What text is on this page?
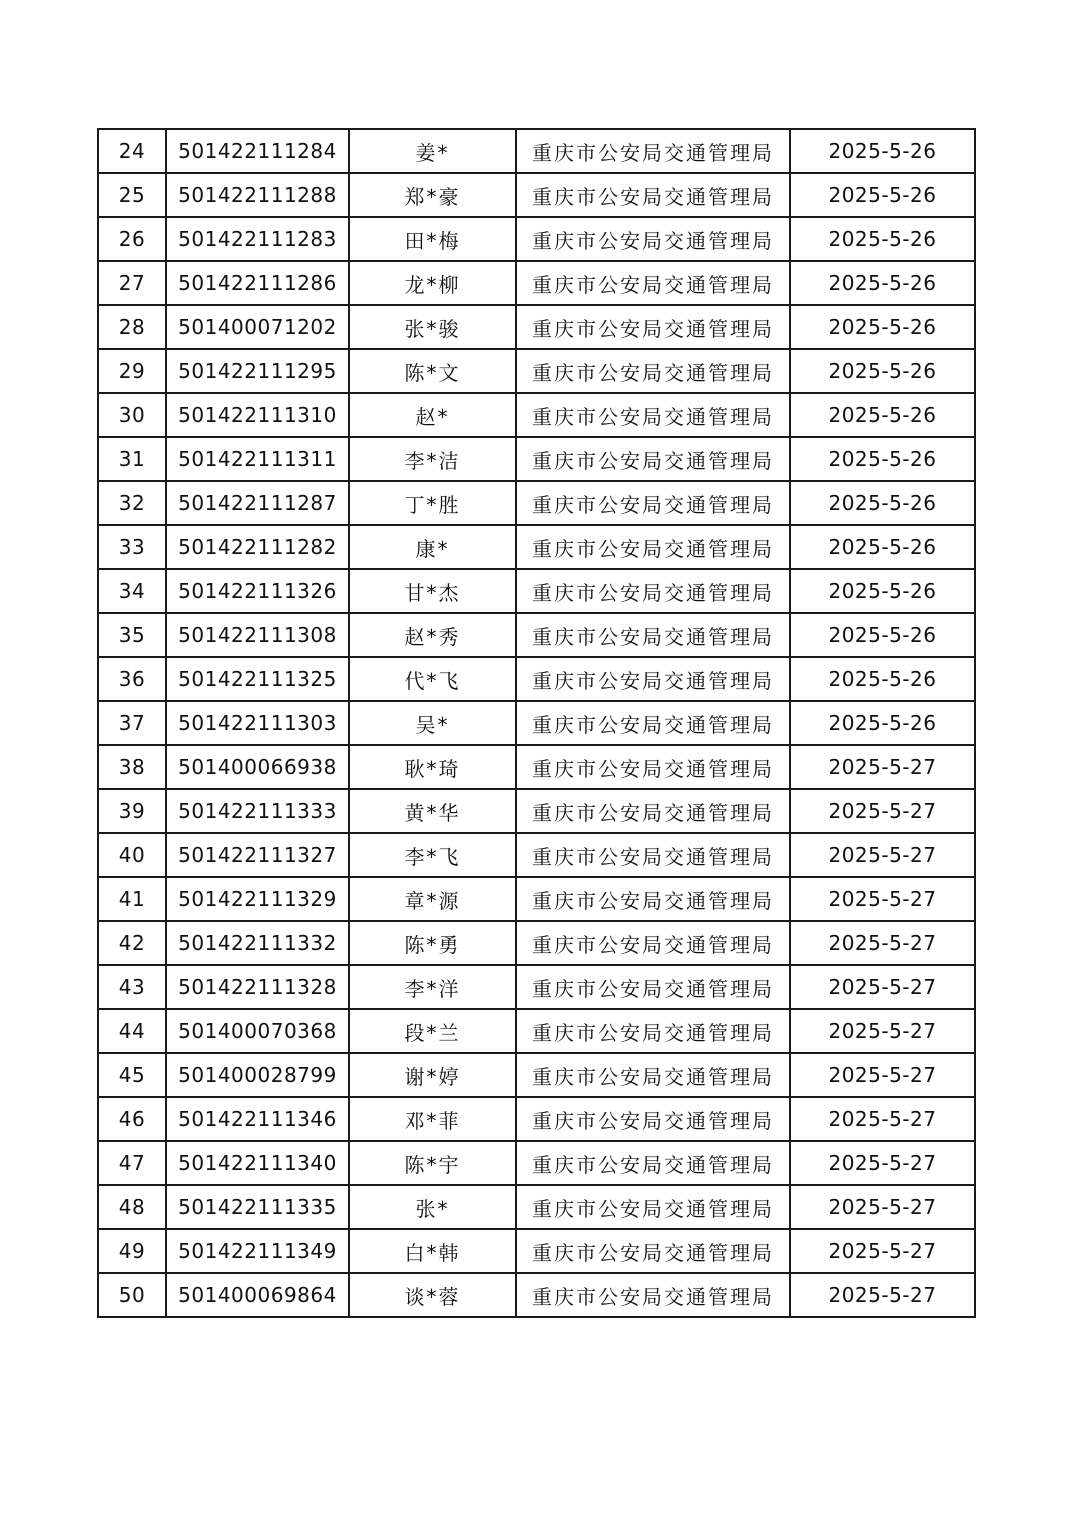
24	501422111284	姜*	重庆市公安局交通管理局	2025-5-26
25	501422111288	郑*豪	重庆市公安局交通管理局	2025-5-26
26	501422111283	田*梅	重庆市公安局交通管理局	2025-5-26
27	501422111286	龙*柳	重庆市公安局交通管理局	2025-5-26
28	501400071202	张*骏	重庆市公安局交通管理局	2025-5-26
29	501422111295	陈*文	重庆市公安局交通管理局	2025-5-26
30	501422111310	赵*	重庆市公安局交通管理局	2025-5-26
31	501422111311	李*洁	重庆市公安局交通管理局	2025-5-26
32	501422111287	丁*胜	重庆市公安局交通管理局	2025-5-26
33	501422111282	康*	重庆市公安局交通管理局	2025-5-26
34	501422111326	甘*杰	重庆市公安局交通管理局	2025-5-26
35	501422111308	赵*秀	重庆市公安局交通管理局	2025-5-26
36	501422111325	代*飞	重庆市公安局交通管理局	2025-5-26
37	501422111303	吴*	重庆市公安局交通管理局	2025-5-26
38	501400066938	耿*琦	重庆市公安局交通管理局	2025-5-27
39	501422111333	黄*华	重庆市公安局交通管理局	2025-5-27
40	501422111327	李*飞	重庆市公安局交通管理局	2025-5-27
41	501422111329	章*源	重庆市公安局交通管理局	2025-5-27
42	501422111332	陈*勇	重庆市公安局交通管理局	2025-5-27
43	501422111328	李*洋	重庆市公安局交通管理局	2025-5-27
44	501400070368	段*兰	重庆市公安局交通管理局	2025-5-27
45	501400028799	谢*婷	重庆市公安局交通管理局	2025-5-27
46	501422111346	邓*菲	重庆市公安局交通管理局	2025-5-27
47	501422111340	陈*宇	重庆市公安局交通管理局	2025-5-27
48	501422111335	张*	重庆市公安局交通管理局	2025-5-27
49	501422111349	白*韩	重庆市公安局交通管理局	2025-5-27
50	501400069864	谈*蓉	重庆市公安局交通管理局	2025-5-27
